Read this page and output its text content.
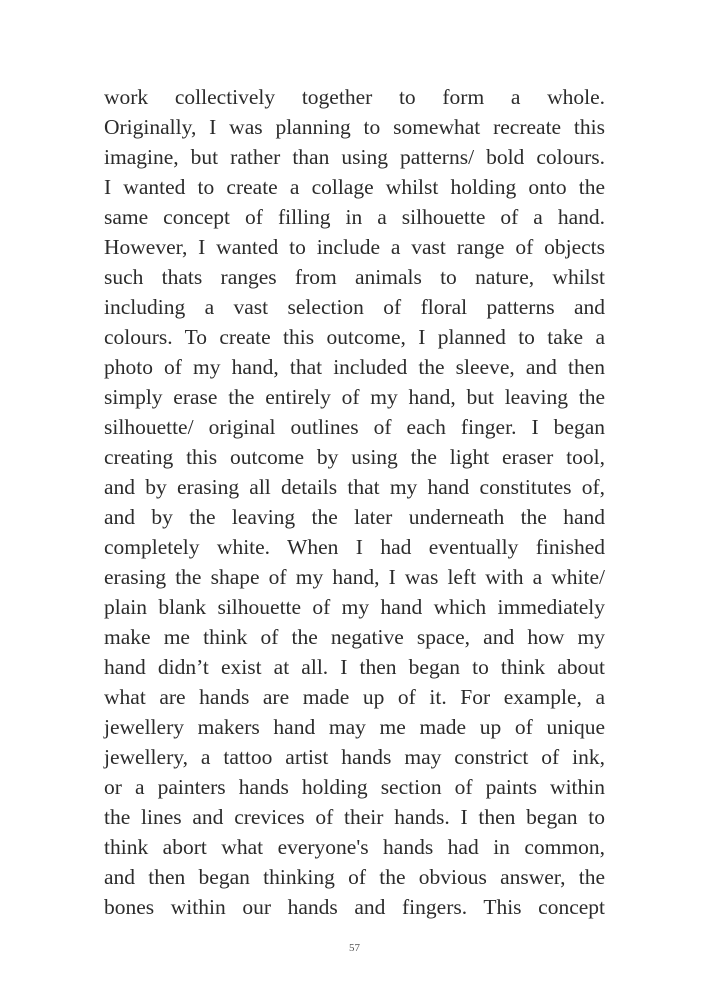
work collectively together to form a whole.
Originally, I was planning to somewhat recreate this
imagine, but rather than using patterns/ bold colours.
I wanted to create a collage whilst holding onto the
same concept of filling in a silhouette of a hand.
However, I wanted to include a vast range of objects
such thats ranges from animals to nature, whilst
including a vast selection of floral patterns and
colours. To create this outcome, I planned to take a
photo of my hand, that included the sleeve, and then
simply erase the entirely of my hand, but leaving the
silhouette/ original outlines of each finger. I began
creating this outcome by using the light eraser tool,
and by erasing all details that my hand constitutes of,
and by the leaving the later underneath the hand
completely white. When I had eventually finished
erasing the shape of my hand, I was left with a white/
plain blank silhouette of my hand which immediately
make me think of the negative space, and how my
hand didn’t exist at all. I then began to think about
what are hands are made up of it. For example, a
jewellery makers hand may me made up of unique
jewellery, a tattoo artist hands may constrict of ink,
or a painters hands holding section of paints within
the lines and crevices of their hands. I then began to
think abort what everyone's hands had in common,
and then began thinking of the obvious answer, the
bones within our hands and fingers. This concept
57
